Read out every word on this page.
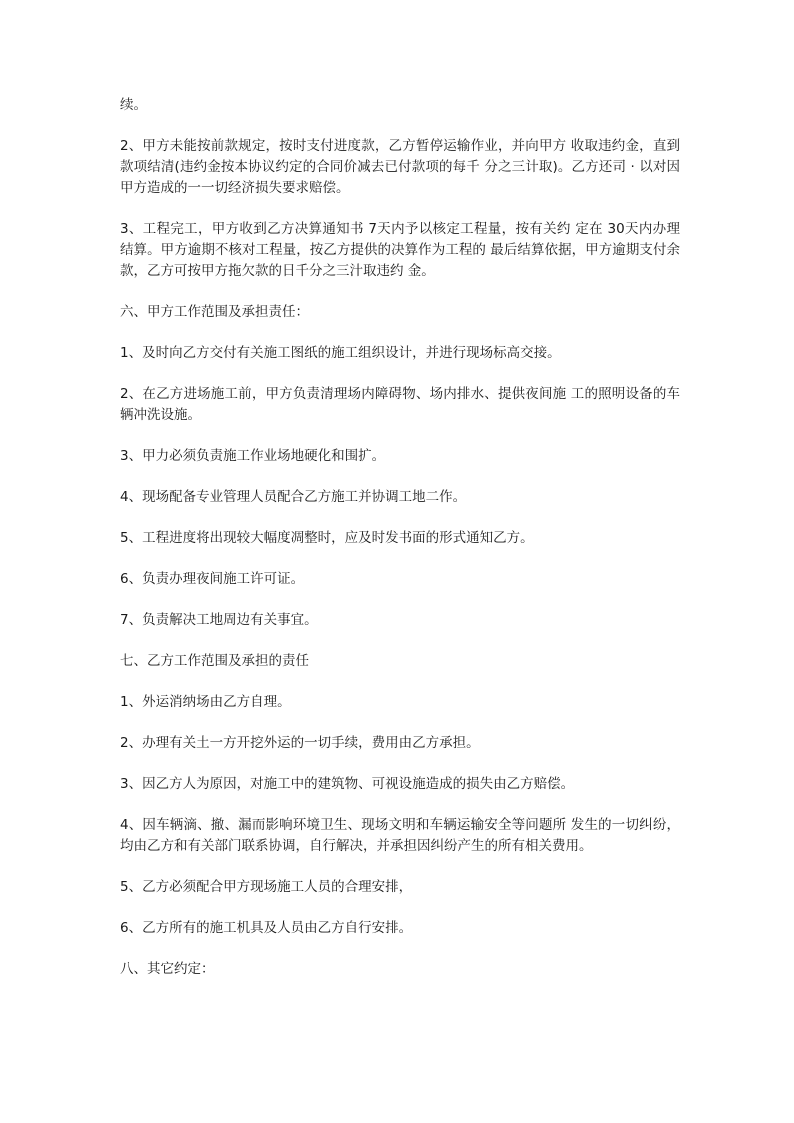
续。

2、甲方未能按前款规定，按时支付进度款，乙方暂停运输作业，并向甲方 收取违约金，直到款项结清(违约金按本协议约定的合同价减去已付款项的每千 分之三计取)。乙方还司 · 以对因甲方造成的一一切经济损失要求赔偿。

3、工程完工，甲方收到乙方决算通知书 7天内予以核定工程量，按有关约 定在 30天内办理结算。甲方逾期不核对工程量，按乙方提供的决算作为工程的 最后结算依据，甲方逾期支付余款，乙方可按甲方拖欠款的日千分之三汁取违约 金。

六、甲方工作范围及承担责任：

1、及时向乙方交付有关施工图纸的施工组织设计，并进行现场标高交接。

2、在乙方进场施工前，甲方负责清理场内障碍物、场内排水、提供夜间施 工的照明设备的车辆冲洗设施。

3、甲力必须负责施工作业场地硬化和围扩。

4、现场配备专业管理人员配合乙方施工并协调工地二作。

5、工程进度将出现较大幅度凋整时，应及时发书面的形式通知乙方。

6、负责办理夜间施工许可证。

7、负责解决工地周边有关事宜。

七、乙方工作范围及承担的责任

1、外运消纳场由乙方自理。

2、办理有关土一方开挖外运的一切手续，费用由乙方承担。

3、因乙方人为原因，对施工中的建筑物、可视设施造成的损失由乙方赔偿。

4、因车辆滴、撤、漏而影响环境卫生、现场文明和车辆运输安全等问题所 发生的一切纠纷，均由乙方和有关部门联系协调，自行解决，并承担因纠纷产生的所有相关费用。

5、乙方必须配合甲方现场施工人员的合理安排，

6、乙方所有的施工机具及人员由乙方自行安排。

八、其它约定：
